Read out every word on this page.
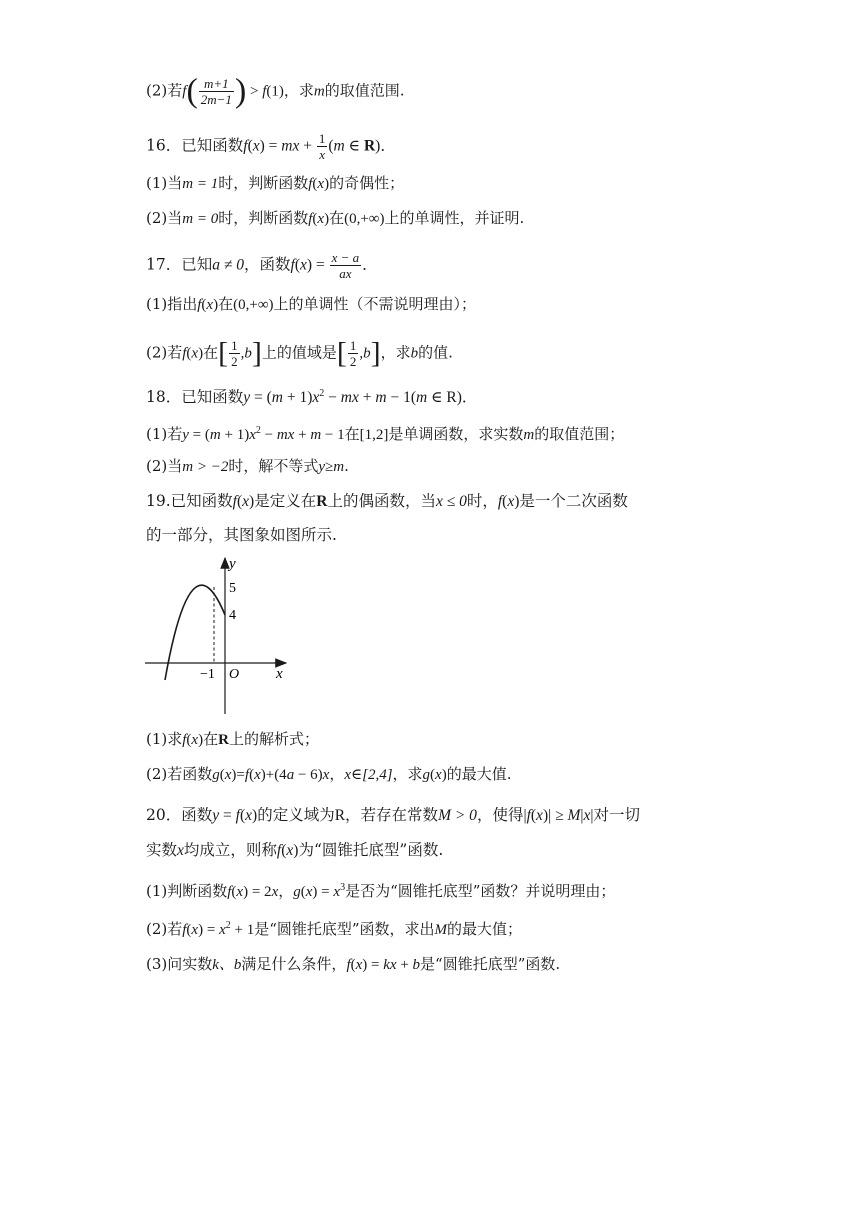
(2)若$f( \frac{m+1}{2m-1}$ ) > f(1)，求m的取值范围.
16．已知函数f(x) = mx + $\frac{1}{x} (m$ ∈ R)．
(1)当m = 1时，判断函数f(x)的奇偶性；
(2)当m = 0时，判断函数f(x)在(0,+∞)上的单调性，并证明.
17．已知a ≠ 0，函数$f(x) = \frac{x - a}{ax}$ ．
(1)指出f(x)在(0,+∞)上的单调性（不需说明理由）；
(2)若f(x)在[ $\frac{1}{2} ,b$]上的值域是[ $\frac{1}{2} ,b$]，求b的值.
18．已知函数$y = (m + 1)x^2$ − mx + m − 1(m ∈ R)．
(1)若$y = (m + 1)x^2$ − mx + m − 1在[1,2]是单调函数，求实数m的取值范围；
(2)当m > −2时，解不等式y≥m.
19.已知函数f(x)是定义在R上的偶函数，当x ≤ 0时，f(x)是一个二次函数
的一部分，其图象如图所示.
y
5
4
−1 O x
(1)求f(x)在R上的解析式；
(2)若函数g(x)=f(x)+(4a − 6)x，x∈[2,4]，求g(x)的最大值.
20．函数y = f(x)的定义域为R，若存在常数M > 0，使得|f(x)| ≥ M|x|对一切
实数x均成立，则称f(x)为“圆锥托底型”函数.
(1)判断函数f(x) = 2x，$g(x) = x^3$是否为“圆锥托底型”函数？并说明理由；
(2)若$f(x) = x^2 + 1$是“圆锥托底型”函数，求出M的最大值；
(3)问实数k、b满足什么条件，f(x) = kx + b是“圆锥托底型”函数.
